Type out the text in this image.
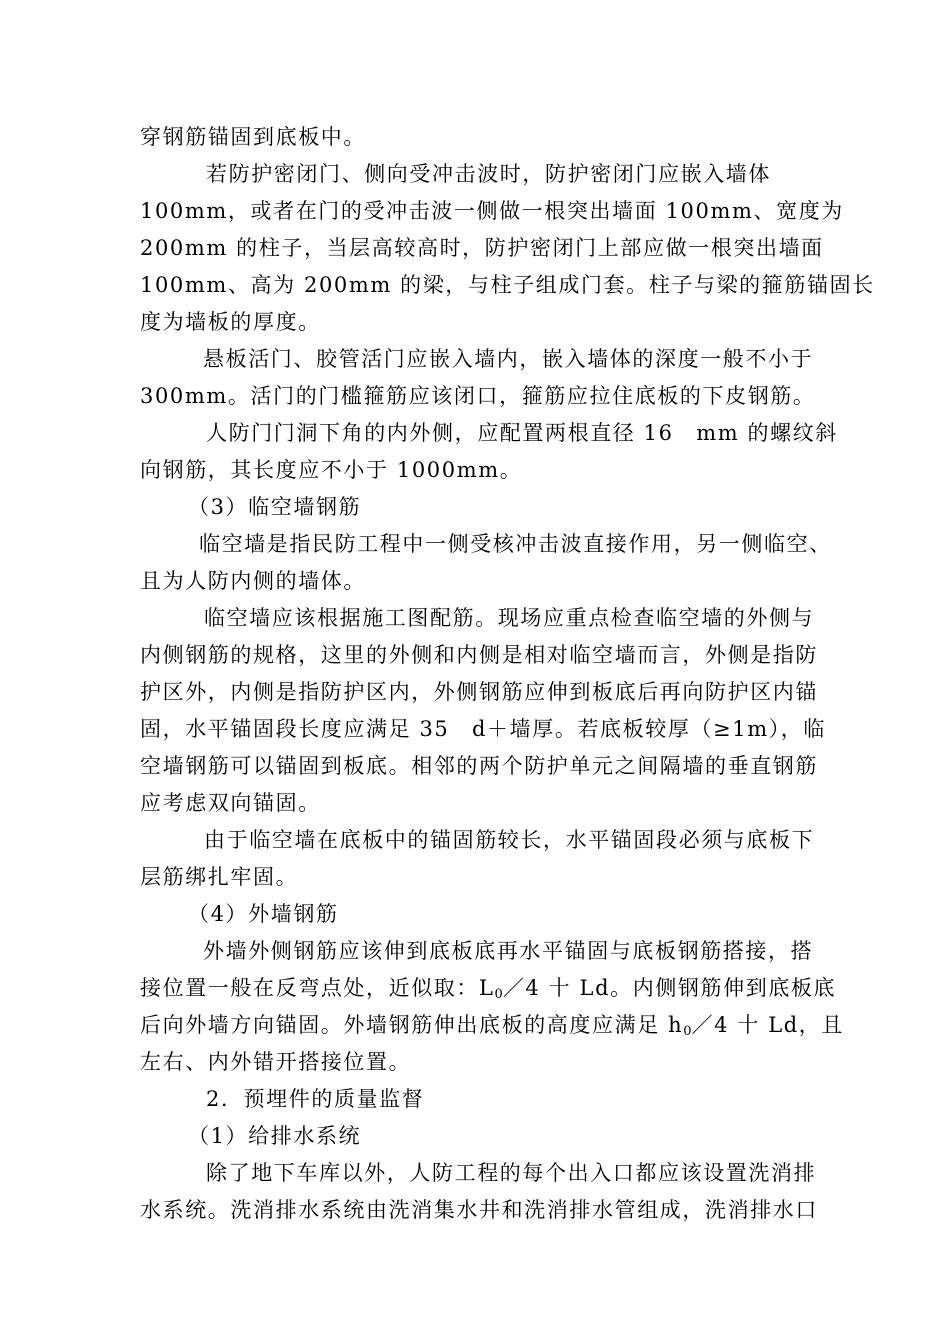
穿钢筋锚固到底板中。
若防护密闭门、侧向受冲击波时，防护密闭门应嵌入墙体
100mm，或者在门的受冲击波一侧做一根突出墙面 100mm、宽度为
200mm 的柱子，当层高较高时，防护密闭门上部应做一根突出墙面
100mm、高为 200mm 的梁，与柱子组成门套。柱子与梁的箍筋锚固长
度为墙板的厚度。
悬板活门、胶管活门应嵌入墙内，嵌入墙体的深度一般不小于
300mm。活门的门槛箍筋应该闭口，箍筋应拉住底板的下皮钢筋。
人防门门洞下角的内外侧，应配置两根直径 16　mm 的螺纹斜
向钢筋，其长度应不小于 1000mm。
（3）临空墙钢筋
临空墙是指民防工程中一侧受核冲击波直接作用，另一侧临空、
且为人防内侧的墙体。
临空墙应该根据施工图配筋。现场应重点检查临空墙的外侧与
内侧钢筋的规格，这里的外侧和内侧是相对临空墙而言，外侧是指防
护区外，内侧是指防护区内，外侧钢筋应伸到板底后再向防护区内锚
固，水平锚固段长度应满足 35　d＋墙厚。若底板较厚（≥1m），临
空墙钢筋可以锚固到板底。相邻的两个防护单元之间隔墙的垂直钢筋
应考虑双向锚固。
由于临空墙在底板中的锚固筋较长，水平锚固段必须与底板下
层筋绑扎牢固。
（4）外墙钢筋
外墙外侧钢筋应该伸到底板底再水平锚固与底板钢筋搭接，搭
接位置一般在反弯点处，近似取：$L_0/4$ 十 Ld。内侧钢筋伸到底板底
后向外墙方向锚固。外墙钢筋伸出底板的高度应满足 $h_0/4$ 十 Ld，且
左右、内外错开搭接位置。
2．预埋件的质量监督
（1）给排水系统
除了地下车库以外，人防工程的每个出入口都应该设置洗消排
水系统。洗消排水系统由洗消集水井和洗消排水管组成，洗消排水口
